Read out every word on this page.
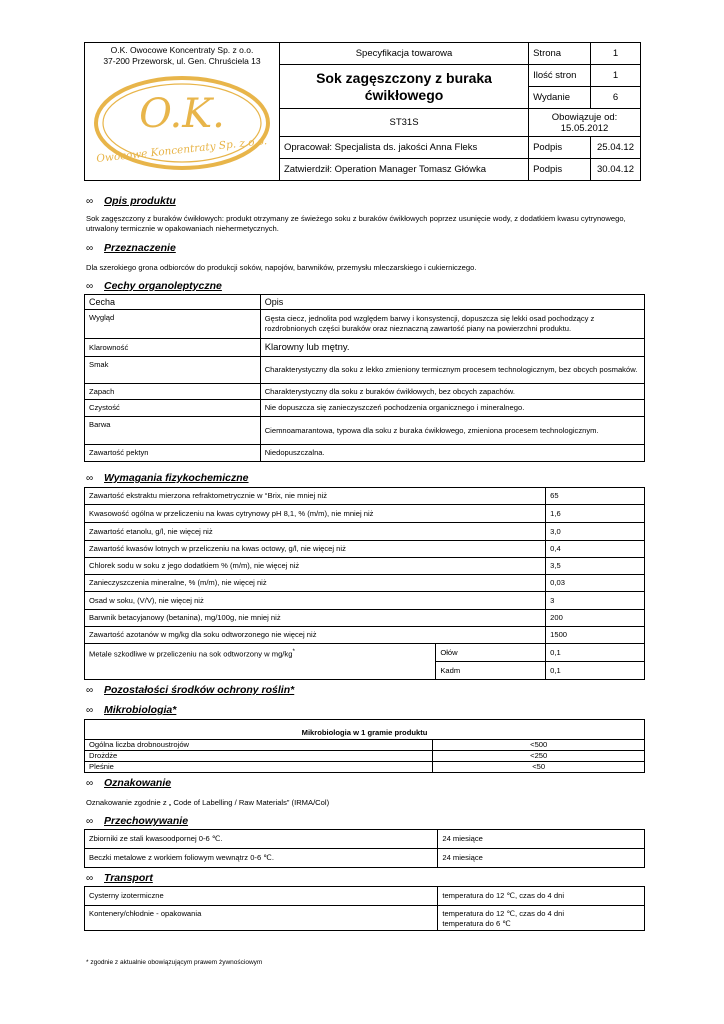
O.K. Owocowe Koncentraty Sp. z o.o.
37-200 Przeworsk, ul. Gen. Chruściela 13
O.K.
Owocowe Koncentraty Sp. z o.o.	Specyfikacja towarowa	Strona	1
	Sok zagęszczony z buraka ćwikłowego	Ilość stron	1
		Wydanie	6
	ST31S	Obowiązuje od: 15.05.2012	
	Opracował: Specjalista ds. jakości Anna Fleks	Podpis	25.04.12
	Zatwierdził: Operation Manager Tomasz Główka	Podpis	30.04.12
∞ Opis produktu
Sok zagęszczony z buraków ćwikłowych: produkt otrzymany ze świeżego soku z buraków ćwikłowych poprzez usunięcie wody, z dodatkiem kwasu cytrynowego, utrwalony termicznie w opakowaniach niehermetycznych.
∞ Przeznaczenie
Dla szerokiego grona odbiorców do produkcji soków, napojów, barwników, przemysłu mleczarskiego i cukierniczego.
∞ Cechy organoleptyczne
Cecha	Opis
Wygląd	Gęsta ciecz, jednolita pod względem barwy i konsystencji, dopuszcza się lekki osad pochodzący z rozdrobnionych części buraków oraz nieznaczną zawartość piany na powierzchni produktu.
Klarowność	Klarowny lub mętny.
Smak	Charakterystyczny dla soku z lekko zmieniony termicznym procesem technologicznym, bez obcych posmaków.
Zapach	Charakterystyczny dla soku z buraków ćwikłowych, bez obcych zapachów.
Czystość	Nie dopuszcza się zanieczyszczeń pochodzenia organicznego i mineralnego.
Barwa	Ciemnoamarantowa, typowa dla soku z buraka ćwikłowego, zmieniona procesem technologicznym.
Zawartość pektyn	Niedopuszczalna.
∞ Wymagania fizykochemiczne
Zawartość ekstraktu mierzona refraktometrycznie w °Brix, nie mniej niż		65
Kwasowość ogólna w przeliczeniu na kwas cytrynowy pH 8,1, % (m/m), nie mniej niż		1,6
Zawartość etanolu, g/l, nie więcej niż		3,0
Zawartość kwasów lotnych w przeliczeniu na kwas octowy, g/l, nie więcej niż		0,4
Chlorek sodu w soku z jego dodatkiem % (m/m), nie więcej niż		3,5
Zanieczyszczenia mineralne, % (m/m), nie więcej niż		0,03
Osad w soku, (V/V), nie więcej niż		3
Barwnik betacyjanowy (betanina), mg/100g, nie mniej niż		200
Zawartość azotanów w mg/kg dla soku odtworzonego nie więcej niż		1500
Metale szkodliwe w przeliczeniu na sok odtworzony w mg/kg*	Ołów	0,1
	Kadm	0,1
∞ Pozostałości środków ochrony roślin*
∞ Mikrobiologia*
Mikrobiologia w 1 gramie produktu	
Ogólna liczba drobnoustrojów	<500
Drożdże	<250
Pleśnie	<50
∞ Oznakowanie
Oznakowanie zgodnie z „ Code of Labelling / Raw Materials” (IRMA/Col)
∞ Przechowywanie
Zbiorniki ze stali kwasoodpornej 0-6 ℃.	24 miesiące
Beczki metalowe z workiem foliowym wewnątrz 0-6 ℃.	24 miesiące
∞ Transport
Cysterny izotermiczne	temperatura do 12 ℃, czas do 4 dni
Kontenery/chłodnie - opakowania	temperatura do 12 ℃, czas do 4 dni
temperatura do 6 ℃
* zgodnie z aktualnie obowiązującym prawem żywnościowym
